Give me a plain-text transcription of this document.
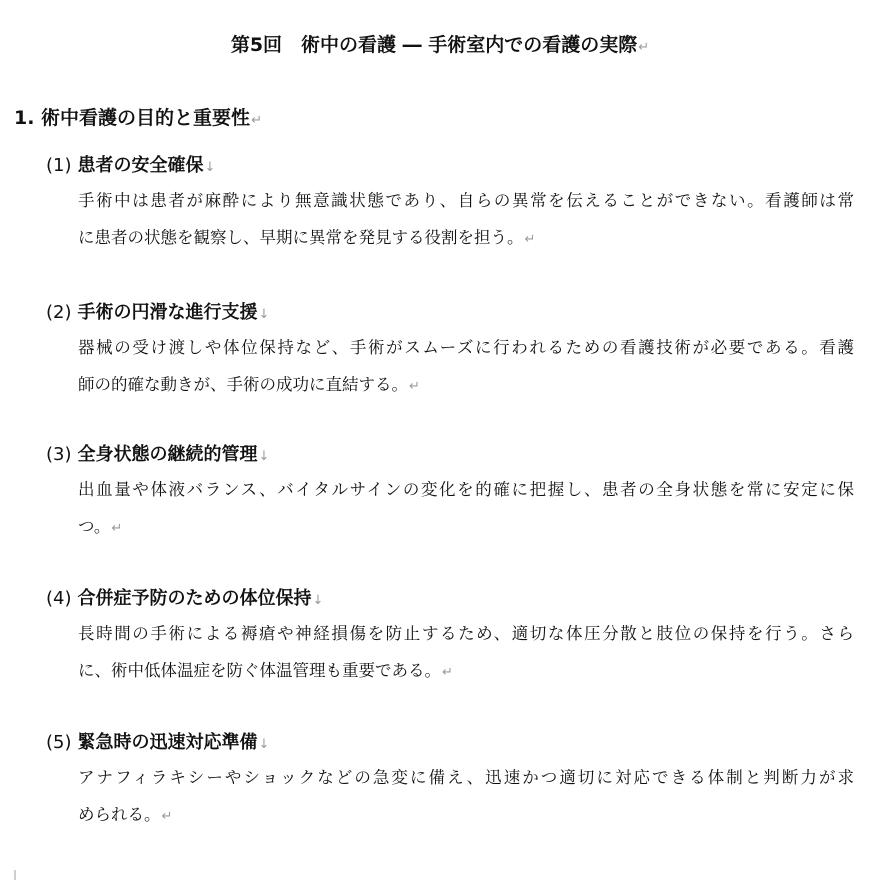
第5回　術中の看護 ― 手術室内での看護の実際↵
1. 術中看護の目的と重要性↵
(1) 患者の安全確保↓
手術中は患者が麻酔により無意識状態であり、自らの異常を伝えることができない。看護師は常
に患者の状態を観察し、早期に異常を発見する役割を担う。↵
(2) 手術の円滑な進行支援↓
器械の受け渡しや体位保持など、手術がスムーズに行われるための看護技術が必要である。看護
師の的確な動きが、手術の成功に直結する。↵
(3) 全身状態の継続的管理↓
出血量や体液バランス、バイタルサインの変化を的確に把握し、患者の全身状態を常に安定に保
つ。↵
(4) 合併症予防のための体位保持↓
長時間の手術による褥瘡や神経損傷を防止するため、適切な体圧分散と肢位の保持を行う。さら
に、術中低体温症を防ぐ体温管理も重要である。↵
(5) 緊急時の迅速対応準備↓
アナフィラキシーやショックなどの急変に備え、迅速かつ適切に対応できる体制と判断力が求
められる。↵
